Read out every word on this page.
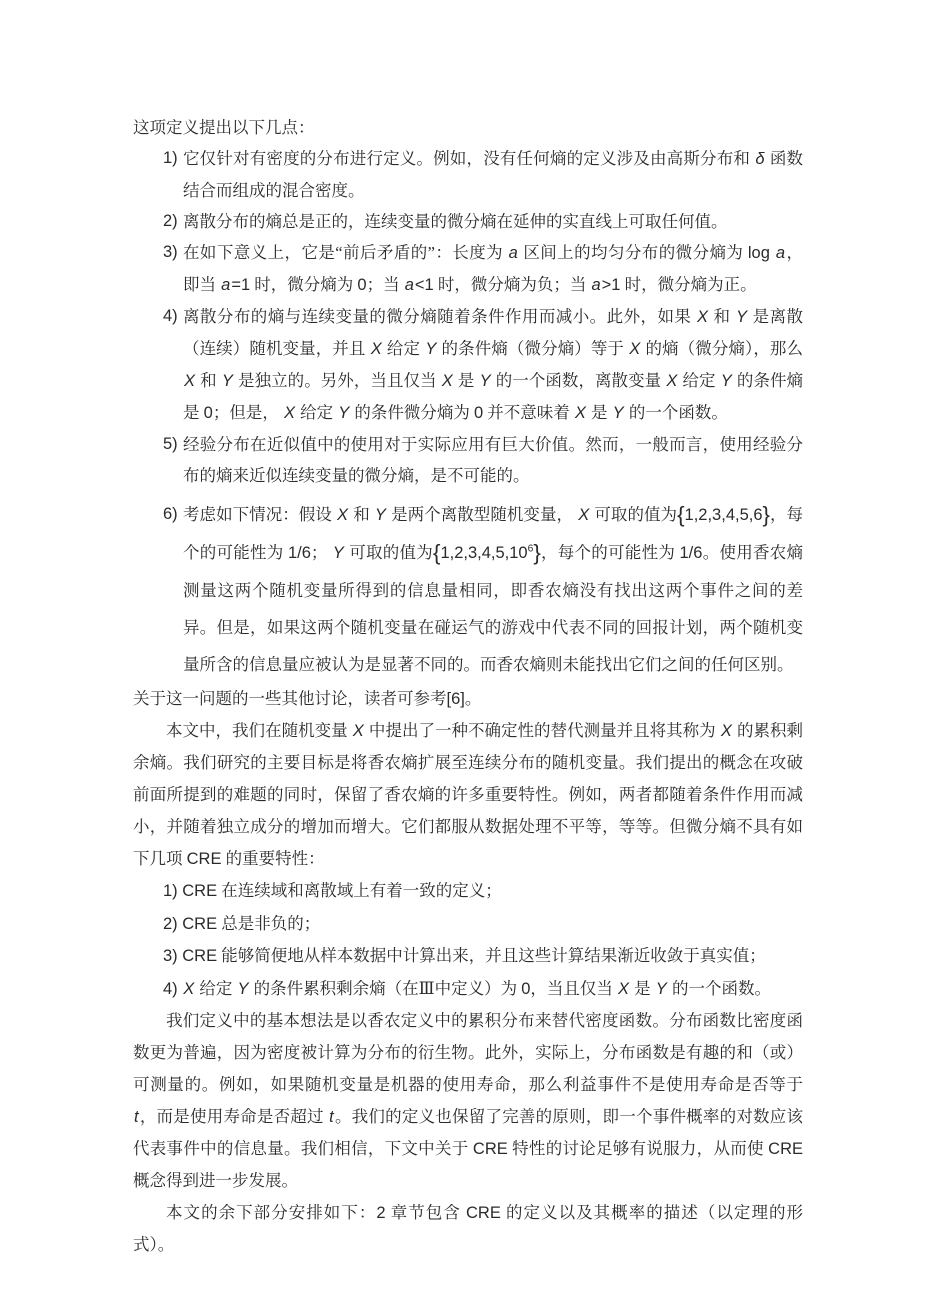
这项定义提出以下几点：
1) 它仅针对有密度的分布进行定义。例如，没有任何熵的定义涉及由高斯分布和 δ 函数结合而组成的混合密度。
2) 离散分布的熵总是正的，连续变量的微分熵在延伸的实直线上可取任何值。
3) 在如下意义上，它是“前后矛盾的”：长度为 a 区间上的均匀分布的微分熵为 log a，即当 a=1 时，微分熵为 0；当 a<1 时，微分熵为负；当 a>1 时，微分熵为正。
4) 离散分布的熵与连续变量的微分熵随着条件作用而减小。此外，如果 X 和 Y 是离散（连续）随机变量，并且 X 给定 Y 的条件熵（微分熵）等于 X 的熵（微分熵），那么 X 和 Y 是独立的。另外，当且仅当 X 是 Y 的一个函数，离散变量 X 给定 Y 的条件熵是 0；但是， X 给定 Y 的条件微分熵为 0 并不意味着 X 是 Y 的一个函数。
5) 经验分布在近似值中的使用对于实际应用有巨大价值。然而，一般而言，使用经验分布的熵来近似连续变量的微分熵，是不可能的。
6) 考虑如下情况：假设 X 和 Y 是两个离散型随机变量， X 可取的值为{1,2,3,4,5,6}，每个的可能性为 1/6； Y 可取的值为{1,2,3,4,5,10$^6$}，每个的可能性为 1/6。使用香农熵测量这两个随机变量所得到的信息量相同，即香农熵没有找出这两个事件之间的差异。但是，如果这两个随机变量在碰运气的游戏中代表不同的回报计划，两个随机变量所含的信息量应被认为是显著不同的。而香农熵则未能找出它们之间的任何区别。
关于这一问题的一些其他讨论，读者可参考[6]。
本文中，我们在随机变量 X 中提出了一种不确定性的替代测量并且将其称为 X 的累积剩余熵。我们研究的主要目标是将香农熵扩展至连续分布的随机变量。我们提出的概念在攻破前面所提到的难题的同时，保留了香农熵的许多重要特性。例如，两者都随着条件作用而减小，并随着独立成分的增加而增大。它们都服从数据处理不平等，等等。但微分熵不具有如下几项 CRE 的重要特性：
1) CRE 在连续域和离散域上有着一致的定义；
2) CRE 总是非负的；
3) CRE 能够简便地从样本数据中计算出来，并且这些计算结果渐近收敛于真实值；
4) X 给定 Y 的条件累积剩余熵（在Ⅲ中定义）为 0，当且仅当 X 是 Y 的一个函数。
我们定义中的基本想法是以香农定义中的累积分布来替代密度函数。分布函数比密度函数更为普遍，因为密度被计算为分布的衍生物。此外，实际上，分布函数是有趣的和（或）可测量的。例如，如果随机变量是机器的使用寿命，那么利益事件不是使用寿命是否等于 t，而是使用寿命是否超过 t。我们的定义也保留了完善的原则，即一个事件概率的对数应该代表事件中的信息量。我们相信，下文中关于 CRE 特性的讨论足够有说服力，从而使 CRE 概念得到进一步发展。
本文的余下部分安排如下：2 章节包含 CRE 的定义以及其概率的描述（以定理的形式）。
